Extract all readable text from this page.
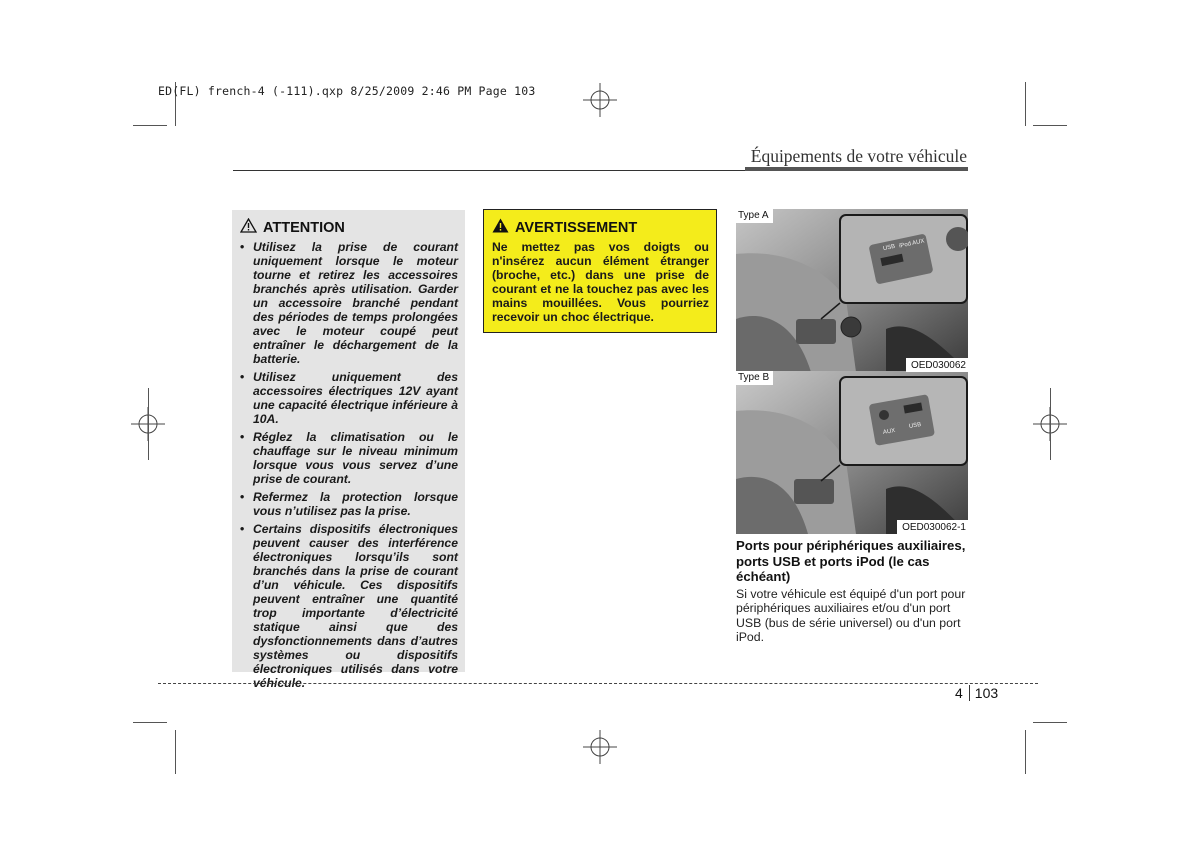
ED(FL) french-4 (-111).qxp 8/25/2009 2:46 PM Page 103
Équipements de votre véhicule
ATTENTION
• Utilisez la prise de courant uniquement lorsque le moteur tourne et retirez les accessoires branchés après utilisation. Garder un accessoire branché pendant des périodes de temps prolongées avec le moteur coupé peut entraîner le déchargement de la batterie.
• Utilisez uniquement des accessoires électriques 12V ayant une capacité électrique inférieure à 10A.
• Réglez la climatisation ou le chauffage sur le niveau minimum lorsque vous vous servez d’une prise de courant.
• Refermez la protection lorsque vous n’utilisez pas la prise.
• Certains dispositifs électroniques peuvent causer des interférence électroniques lorsqu’ils sont branchés dans la prise de courant d’un véhicule. Ces dispositifs peuvent entraîner une quantité trop importante d’électricité statique ainsi que des dysfonctionnements dans d’autres systèmes ou dispositifs électroniques utilisés dans votre véhicule.
AVERTISSEMENT
Ne mettez pas vos doigts ou n'insérez aucun élément étranger (broche, etc.) dans une prise de courant et ne la touchez pas avec les mains mouillées. Vous pourriez recevoir un choc électrique.
USB iPod AUX
Type A
OED030062
AUX
USB
Type B
OED030062-1
Ports pour périphériques auxiliaires, ports USB et ports iPod (le cas échéant)
Si votre véhicule est équipé d'un port pour périphériques auxiliaires et/ou d'un port USB (bus de série universel) ou d'un port iPod.
4 103
